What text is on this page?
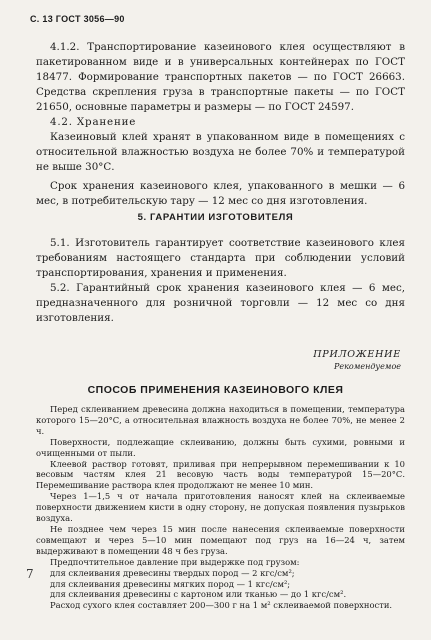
С. 13 ГОСТ 3056—90

4.1.2. Транспортирование казеинового клея осуществляют в пакетированном виде и в универсальных контейнерах по ГОСТ 18477. Формирование транспортных пакетов — по ГОСТ 26663. Средства скрепления груза в транспортные пакеты — по ГОСТ 21650, основные параметры и размеры — по ГОСТ 24597.

4.2. Хранение

Казеиновый клей хранят в упакованном виде в помещениях с относительной влажностью воздуха не более 70% и температурой не выше 30°С.

Срок хранения казеинового клея, упакованного в мешки — 6 мес, в потребительскую тару — 12 мес со дня изготовления.

5. ГАРАНТИИ ИЗГОТОВИТЕЛЯ

5.1. Изготовитель гарантирует соответствие казеинового клея требованиям настоящего стандарта при соблюдении условий транспортирования, хранения и применения.

5.2. Гарантийный срок хранения казеинового клея — 6 мес, предназначенного для розничной торговли — 12 мес со дня изготовления.

ПРИЛОЖЕНИЕ
Рекомендуемое
СПОСОБ ПРИМЕНЕНИЯ КАЗЕИНОВОГО КЛЕЯ

Перед склеиванием древесина должна находиться в помещении, температура которого 15—20°С, а относительная влажность воздуха не более 70%, не менее 2 ч.

Поверхности, подлежащие склеиванию, должны быть сухими, ровными и очищенными от пыли.

Клеевой раствор готовят, приливая при непрерывном перемешивании к 10 весовым частям клея 21 весовую часть воды температурой 15—20°С. Перемешивание раствора клея продолжают не менее 10 мин.

Через 1—1,5 ч от начала приготовления наносят клей на склеиваемые поверхности движением кисти в одну сторону, не допуская появления пузырьков воздуха.

Не позднее чем через 15 мин после нанесения склеиваемые поверхности совмещают и через 5—10 мин помещают под груз на 16—24 ч, затем выдерживают в помещении 48 ч без груза.

Предпочтительное давление при выдержке под грузом:

для склеивания древесины твердых пород — 2 кгс/см²;

для склеивания древесины мягких пород — 1 кгс/см²;

для склеивания древесины с картоном или тканью — до 1 кгс/см².

Расход сухого клея составляет 200—300 г на 1 м² склеиваемой поверхности.

7
